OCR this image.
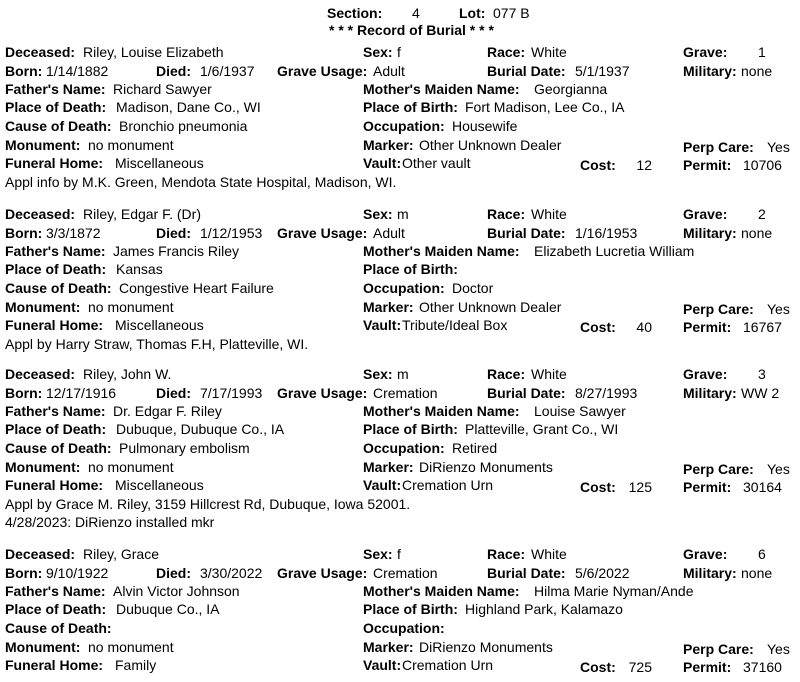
Section: 4	Lot: 077 B
* * * Record of Burial * * *
Deceased: Riley, Louise Elizabeth	Sex: f	Race: White	Grave: 1
Born: 1/14/1882	Died: 1/6/1937 Grave Usage: Adult	Burial Date: 5/1/1937	Military: none
Father's Name: Richard Sawyer	Mother's Maiden Name: Georgianna
Place of Death: Madison, Dane Co., WI	Place of Birth: Fort Madison, Lee Co., IA
Cause of Death: Bronchio pneumonia	Occupation: Housewife
Monument: no monument	Marker: Other Unknown Dealer	Perp Care: Yes
Funeral Home: Miscellaneous	Vault: Other vault	Cost:	12 Permit: 10706
Appl info by M.K. Green, Mendota State Hospital, Madison, WI.
Deceased: Riley, Edgar F. (Dr)	Sex: m	Race: White	Grave: 2
Born: 3/3/1872	Died: 1/12/1953 Grave Usage: Adult	Burial Date: 1/16/1953	Military: none
Father's Name: James Francis Riley	Mother's Maiden Name: Elizabeth Lucretia William
Place of Death: Kansas	Place of Birth:
Cause of Death: Congestive Heart Failure	Occupation: Doctor
Monument: no monument	Marker: Other Unknown Dealer	Perp Care: Yes
Funeral Home: Miscellaneous	Vault: Tribute/Ideal Box	Cost:	40 Permit: 16767
Appl by Harry Straw, Thomas F.H, Platteville, WI.
Deceased: Riley, John W.	Sex: m	Race: White	Grave: 3
Born: 12/17/1916	Died: 7/17/1993 Grave Usage: Cremation	Burial Date: 8/27/1993	Military: WW 2
Father's Name: Dr. Edgar F. Riley	Mother's Maiden Name: Louise Sawyer
Place of Death: Dubuque, Dubuque Co., IA	Place of Birth: Platteville, Grant Co., WI
Cause of Death: Pulmonary embolism	Occupation: Retired
Monument: no monument	Marker: DiRienzo Monuments	Perp Care: Yes
Funeral Home: Miscellaneous	Vault: Cremation Urn	Cost: 125 Permit: 30164
Appl by Grace M. Riley, 3159 Hillcrest Rd, Dubuque, Iowa 52001.
4/28/2023: DiRienzo installed mkr
Deceased: Riley, Grace	Sex: f	Race: White	Grave: 6
Born: 9/10/1922	Died: 3/30/2022 Grave Usage: Cremation	Burial Date: 5/6/2022	Military: none
Father's Name: Alvin Victor Johnson	Mother's Maiden Name: Hilma Marie Nyman/Ande
Place of Death: Dubuque Co., IA	Place of Birth: Highland Park, Kalamazo
Cause of Death:	Occupation:
Monument: no monument	Marker: DiRienzo Monuments	Perp Care: Yes
Funeral Home: Family	Vault: Cremation Urn	Cost: 725 Permit: 37160
